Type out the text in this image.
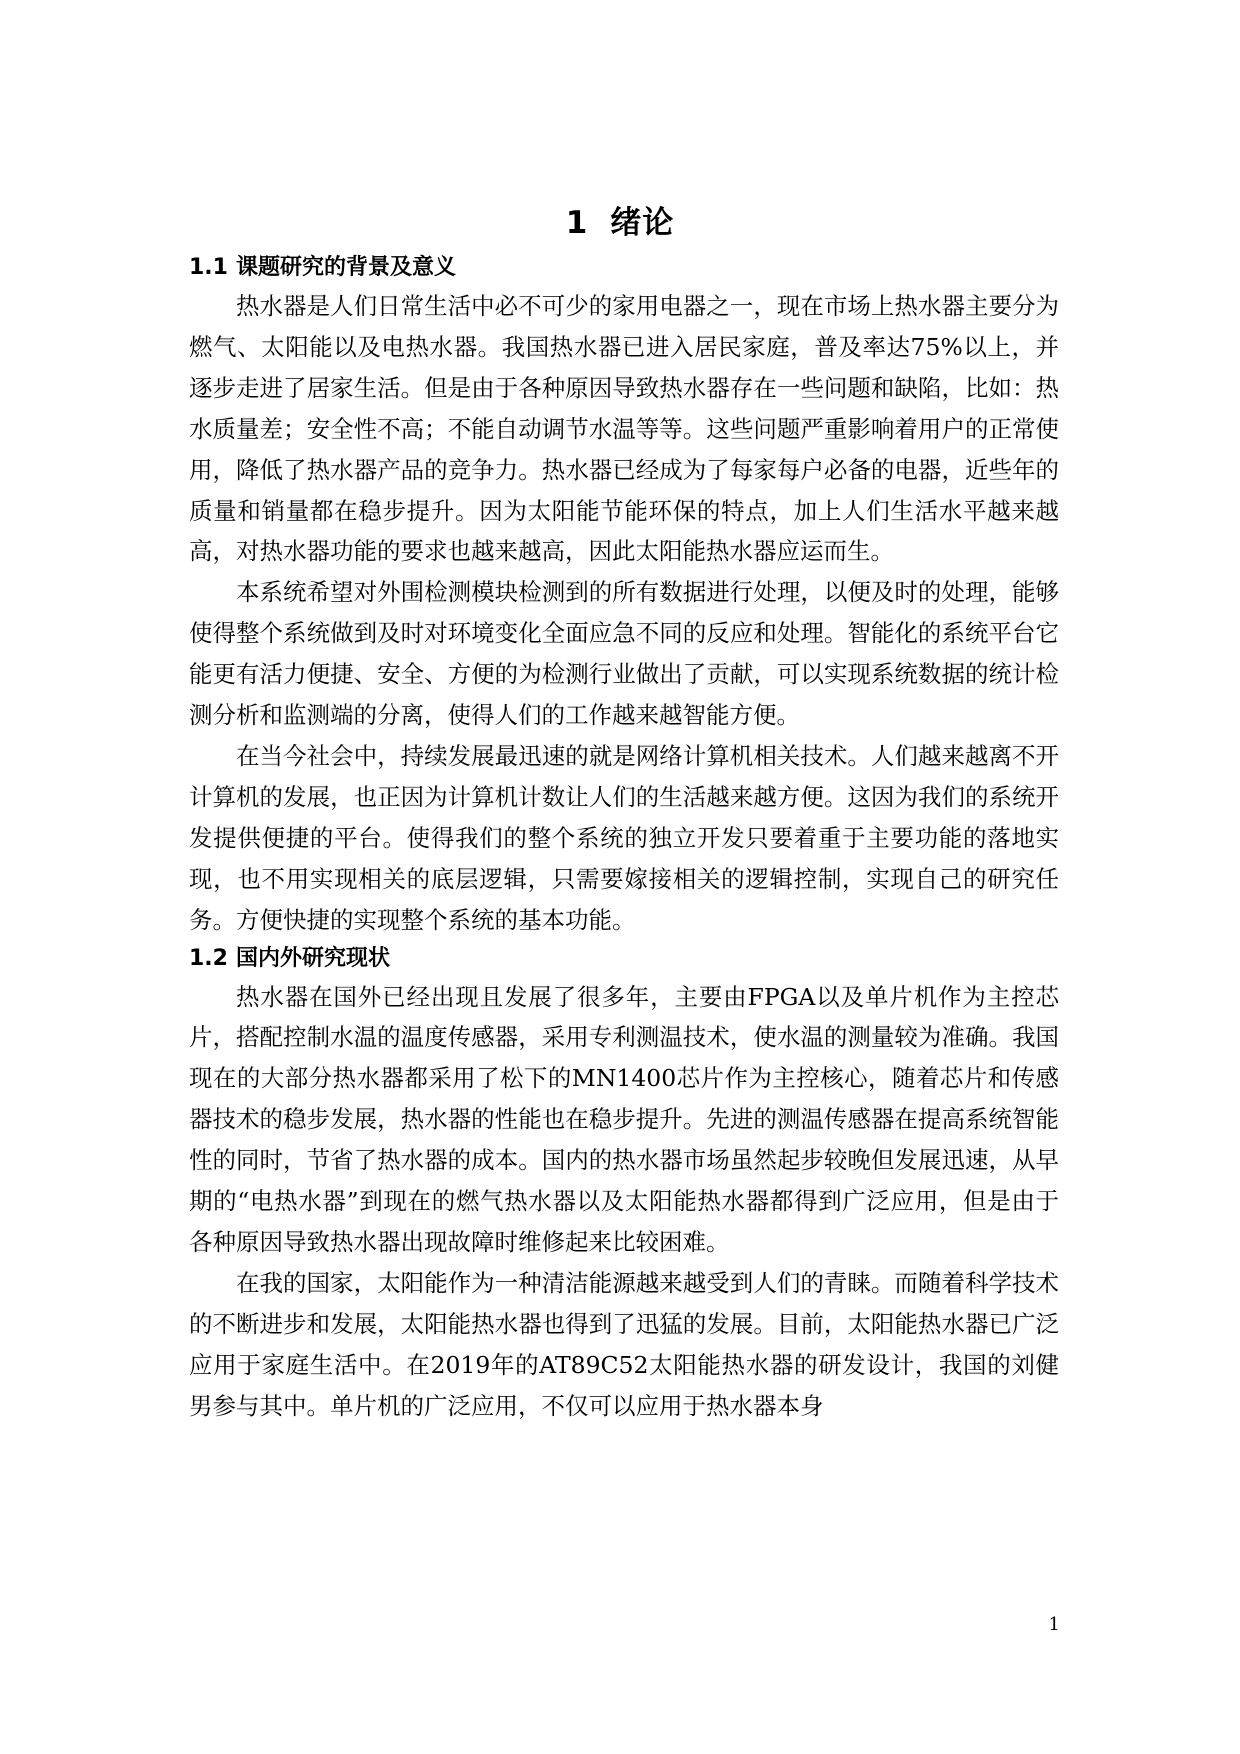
1 绪论
1.1 课题研究的背景及意义

热水器是人们日常生活中必不可少的家用电器之一，现在市场上热水器主要分为燃气、太阳能以及电热水器。我国热水器已进入居民家庭，普及率达75%以上，并逐步走进了居家生活。但是由于各种原因导致热水器存在一些问题和缺陷，比如：热水质量差；安全性不高；不能自动调节水温等等。这些问题严重影响着用户的正常使用，降低了热水器产品的竞争力。热水器已经成为了每家每户必备的电器，近些年的质量和销量都在稳步提升。因为太阳能节能环保的特点，加上人们生活水平越来越高，对热水器功能的要求也越来越高，因此太阳能热水器应运而生。

本系统希望对外围检测模块检测到的所有数据进行处理，以便及时的处理，能够使得整个系统做到及时对环境变化全面应急不同的反应和处理。智能化的系统平台它能更有活力便捷、安全、方便的为检测行业做出了贡献，可以实现系统数据的统计检测分析和监测端的分离，使得人们的工作越来越智能方便。

在当今社会中，持续发展最迅速的就是网络计算机相关技术。人们越来越离不开计算机的发展，也正因为计算机计数让人们的生活越来越方便。这因为我们的系统开发提供便捷的平台。使得我们的整个系统的独立开发只要着重于主要功能的落地实现，也不用实现相关的底层逻辑，只需要嫁接相关的逻辑控制，实现自己的研究任务。方便快捷的实现整个系统的基本功能。

1.2 国内外研究现状

热水器在国外已经出现且发展了很多年，主要由FPGA以及单片机作为主控芯片，搭配控制水温的温度传感器，采用专利测温技术，使水温的测量较为准确。我国现在的大部分热水器都采用了松下的MN1400芯片作为主控核心，随着芯片和传感器技术的稳步发展，热水器的性能也在稳步提升。先进的测温传感器在提高系统智能性的同时，节省了热水器的成本。国内的热水器市场虽然起步较晚但发展迅速，从早期的“电热水器”到现在的燃气热水器以及太阳能热水器都得到广泛应用，但是由于各种原因导致热水器出现故障时维修起来比较困难。

在我的国家，太阳能作为一种清洁能源越来越受到人们的青睐。而随着科学技术的不断进步和发展，太阳能热水器也得到了迅猛的发展。目前，太阳能热水器已广泛应用于家庭生活中。在2019年的AT89C52太阳能热水器的研发设计，我国的刘健男参与其中。单片机的广泛应用，不仅可以应用于热水器本身

1
